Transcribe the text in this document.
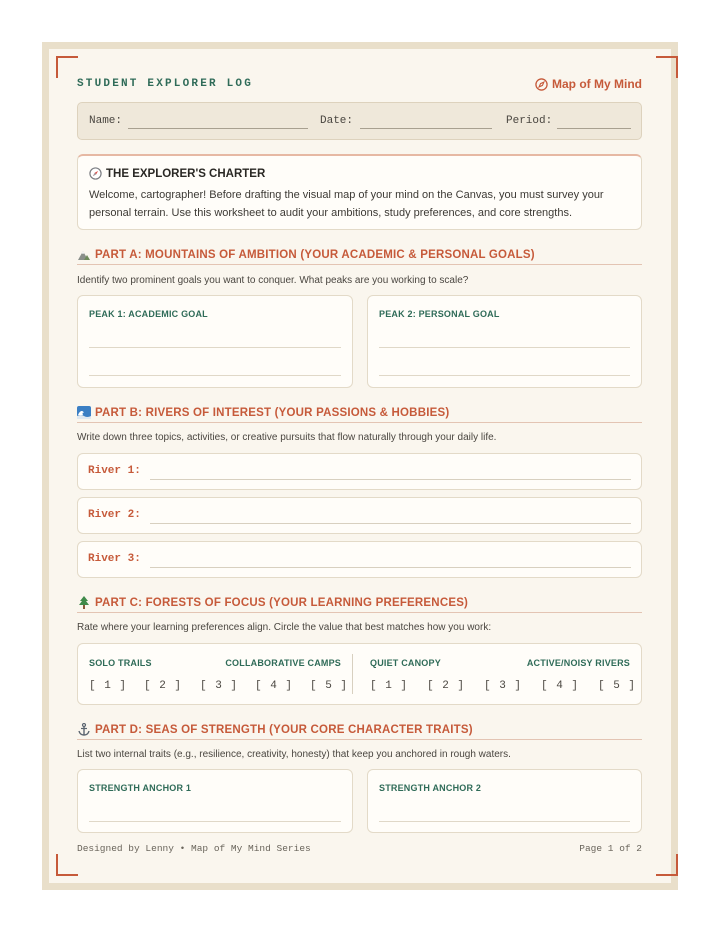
STUDENT EXPLORER LOG	Map of My Mind
Name:	Date:	Period:
THE EXPLORER'S CHARTER
Welcome, cartographer! Before drafting the visual map of your mind on the Canvas, you must survey your personal terrain. Use this worksheet to audit your ambitions, study preferences, and core strengths.
PART A: MOUNTAINS OF AMBITION (YOUR ACADEMIC & PERSONAL GOALS)
Identify two prominent goals you want to conquer. What peaks are you working to scale?
PEAK 1: ACADEMIC GOAL	PEAK 2: PERSONAL GOAL
PART B: RIVERS OF INTEREST (YOUR PASSIONS & HOBBIES)
Write down three topics, activities, or creative pursuits that flow naturally through your daily life.
River 1:
River 2:
River 3:
PART C: FORESTS OF FOCUS (YOUR LEARNING PREFERENCES)
Rate where your learning preferences align. Circle the value that best matches how you work:
SOLO TRAILS	COLLABORATIVE CAMPS
[ 1 ] [ 2 ] [ 3 ] [ 4 ] [ 5 ]
QUIET CANOPY	ACTIVE/NOISY RIVERS
[ 1 ] [ 2 ] [ 3 ] [ 4 ] [ 5 ]
PART D: SEAS OF STRENGTH (YOUR CORE CHARACTER TRAITS)
List two internal traits (e.g., resilience, creativity, honesty) that keep you anchored in rough waters.
STRENGTH ANCHOR 1	STRENGTH ANCHOR 2
Designed by Lenny • Map of My Mind Series	Page 1 of 2
